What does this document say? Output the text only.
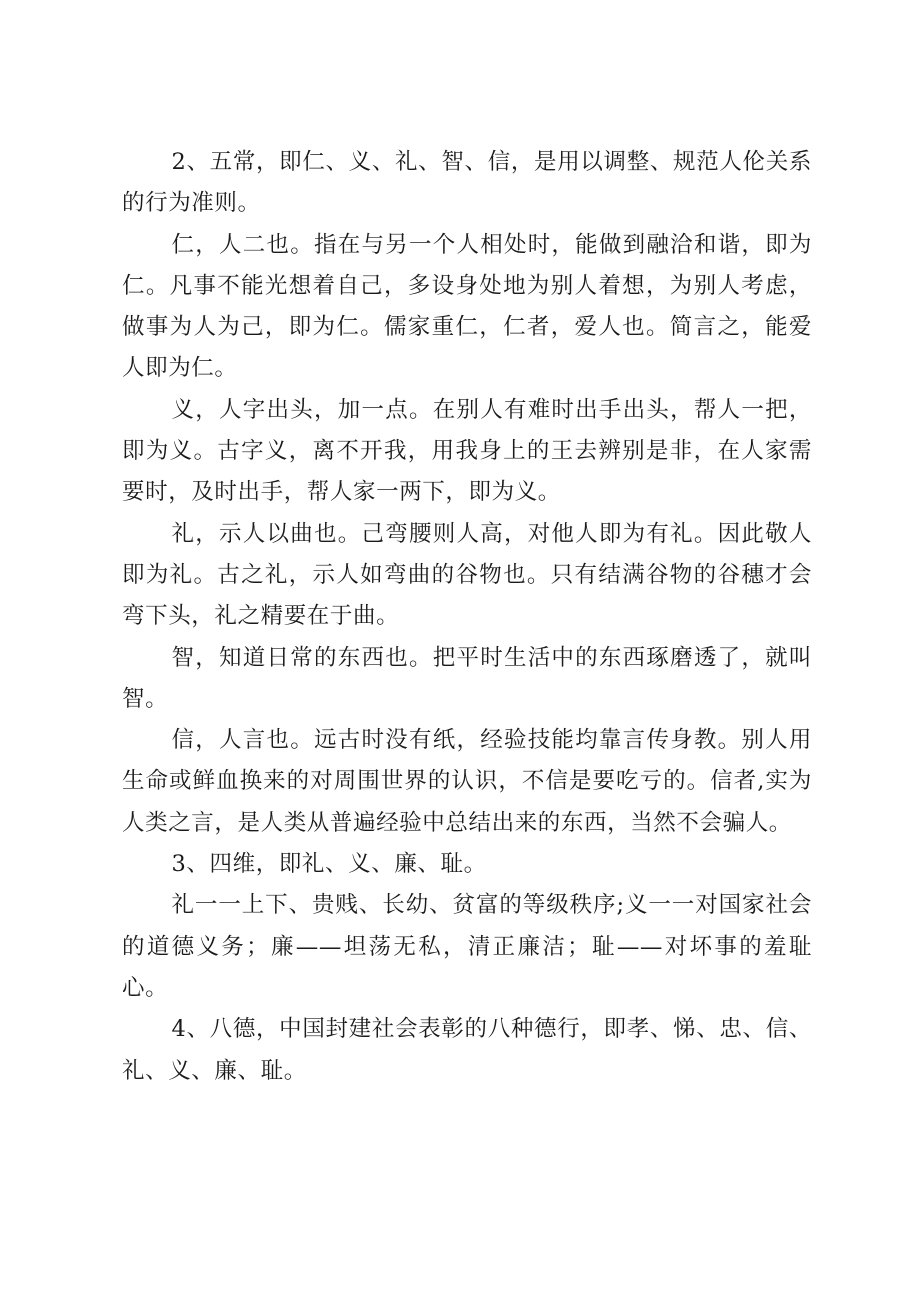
2、五常，即仁、义、礼、智、信，是用以调整、规范人伦关系的行为准则。

仁，人二也。指在与另一个人相处时，能做到融洽和谐，即为仁。凡事不能光想着自己，多设身处地为别人着想，为别人考虑，做事为人为己，即为仁。儒家重仁，仁者，爱人也。简言之，能爱人即为仁。

义，人字出头，加一点。在别人有难时出手出头，帮人一把，即为义。古字义，离不开我，用我身上的王去辨别是非，在人家需要时，及时出手，帮人家一两下，即为义。

礼，示人以曲也。己弯腰则人高，对他人即为有礼。因此敬人即为礼。古之礼，示人如弯曲的谷物也。只有结满谷物的谷穗才会弯下头，礼之精要在于曲。

智，知道日常的东西也。把平时生活中的东西琢磨透了，就叫智。

信，人言也。远古时没有纸，经验技能均靠言传身教。别人用生命或鲜血换来的对周围世界的认识，不信是要吃亏的。信者,实为人类之言，是人类从普遍经验中总结出来的东西，当然不会骗人。

3、四维，即礼、义、廉、耻。

礼一一上下、贵贱、长幼、贫富的等级秩序;义一一对国家社会的道德义务；廉——坦荡无私，清正廉洁；耻——对坏事的羞耻心。

4、八德，中国封建社会表彰的八种德行，即孝、悌、忠、信、礼、义、廉、耻。
